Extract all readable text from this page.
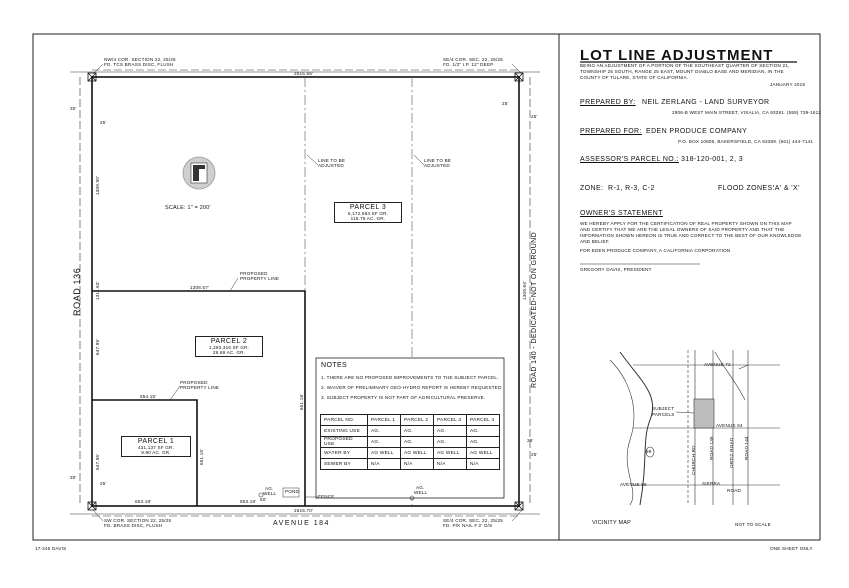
LOT LINE ADJUSTMENT
BEING AN ADJUSTMENT OF A PORTION OF THE SOUTHEAST QUARTER OF SECTION 21,
TOWNSHIP 25 SOUTH, RANGE 25 EAST, MOUNT DIABLO BASE AND MERIDIAN, IN THE
COUNTY OF TULARE, STATE OF CALIFORNIA.
JANUARY 2019
PREPARED BY: NEIL ZERLANG - LAND SURVEYOR
2906-B WEST MAIN STREET, VISALIA, CA 93291. (559) 739-1612
PREPARED FOR: EDEN PRODUCE COMPANY
P.O. BOX 10806, BAKERSFIELD, CA 93389. (661) 444-7141
ASSESSOR'S PARCEL NO.: 318-120-001, 2, 3
ZONE: R-1, R-3, C-2	FLOOD ZONES:
'A' & 'X'
OWNER'S STATEMENT
WE HEREBY APPLY FOR THE CERTIFICATION OF REAL PROPERTY SHOWN ON THIS MAP
AND CERTIFY THAT WE ARE THE LEGAL OWNERS OF SAID PROPERTY AND THAT THE
INFORMATION SHOWN HEREON IS TRUE AND CORRECT TO THE BEST OF OUR KNOWLEDGE
AND BELIEF.
FOR EDEN PRODUCE COMPANY, A CALIFORNIA CORPORATION
GREGORY DAVIS, PRESIDENT
AVENUE 72
AVENUE 64
AVENUE 56	SIERRA
ROAD
SUBJECT
PARCELS
99	CHURCH RD.	ROAD 136	ORTIZ ROAD ROAD 144
VICINITY MAP	NOT TO SCALE
17-245 DAVIS	ONE SHEET ONLY
NW/4 COR. SECTION 22, 25/25
FD. TCS BRASS DISC, FLUSH
SE/4 COR. SEC. 22, 25/25
FD. 1/2" I.P. 12" DEEP
SW COR. SECTION 22, 25/25
FD. BRASS DISC, FLUSH
SE/4 COR. SEC. 22, 25/25
FD. P/K NAIL # 2' O/S
2615.56'
2615.70'
1308.57'
654.15'
653.18'	653.18'
1309.90'
1311.63'
647.95'
647.95'
1309.64'
651.15'
651.16'
30'
25'
25'
25'
30'
25'
25'
25'
50'
SCALE: 1" = 200'
LINE TO BE
ADJUSTED
LINE TO BE
ADJUSTED
PROPOSED
PROPERTY LINE
PROPOSED
PROPERTY LINE
AG.
WELL POND
FENCE
AG.
WELL
ROAD 136	ROAD 140 - DEDICATED-NOT ON GROUND
AVENUE 184
PARCEL 1
431,137 SF GR.
9.90 AC. GR.
PARCEL 2
1,293,316 SF GR.
29.69 AC. GR.
PARCEL 3
5,172,584 SF GR.
118.75 AC. GR.
NOTES
1. THERE ARE NO PROPOSED IMPROVEMENTS TO THE SUBJECT PARCEL.
2. WAIVER OF PRELIMINARY GEO-HYDRO REPORT IS HEREBY REQUESTED
3. SUBJECT PROPERTY IS NOT PART OF AGRICULTURAL PRESERVE.
PARCEL NO.	PARCEL 1	PARCEL 2	PARCEL 3	PARCEL 4
EXISTING USE	AG.	AG.	AG.	AG.
PROPOSED USE	AG.	AG.	AG.	AG.
WATER BY	AG WELL	AG WELL	AG WELL	AG WELL
SEWER BY	N/A	N/A	N/A	N/A
